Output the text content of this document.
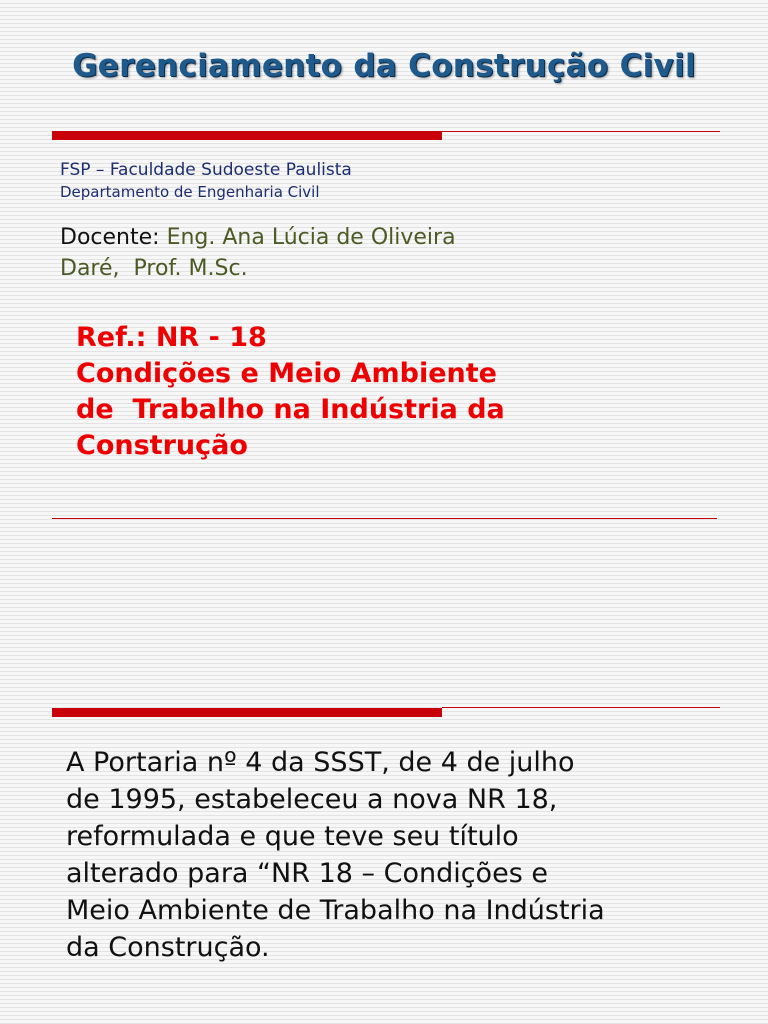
Gerenciamento da Construção Civil
FSP – Faculdade Sudoeste Paulista
Departamento de Engenharia Civil
Docente: Eng. Ana Lúcia de Oliveira
Daré,  Prof. M.Sc.
Ref.: NR - 18
Condições e Meio Ambiente
de  Trabalho na Indústria da
Construção
A Portaria nº 4 da SSST, de 4 de julho
de 1995, estabeleceu a nova NR 18,
reformulada e que teve seu título
alterado para “NR 18 – Condições e
Meio Ambiente de Trabalho na Indústria
da Construção.
